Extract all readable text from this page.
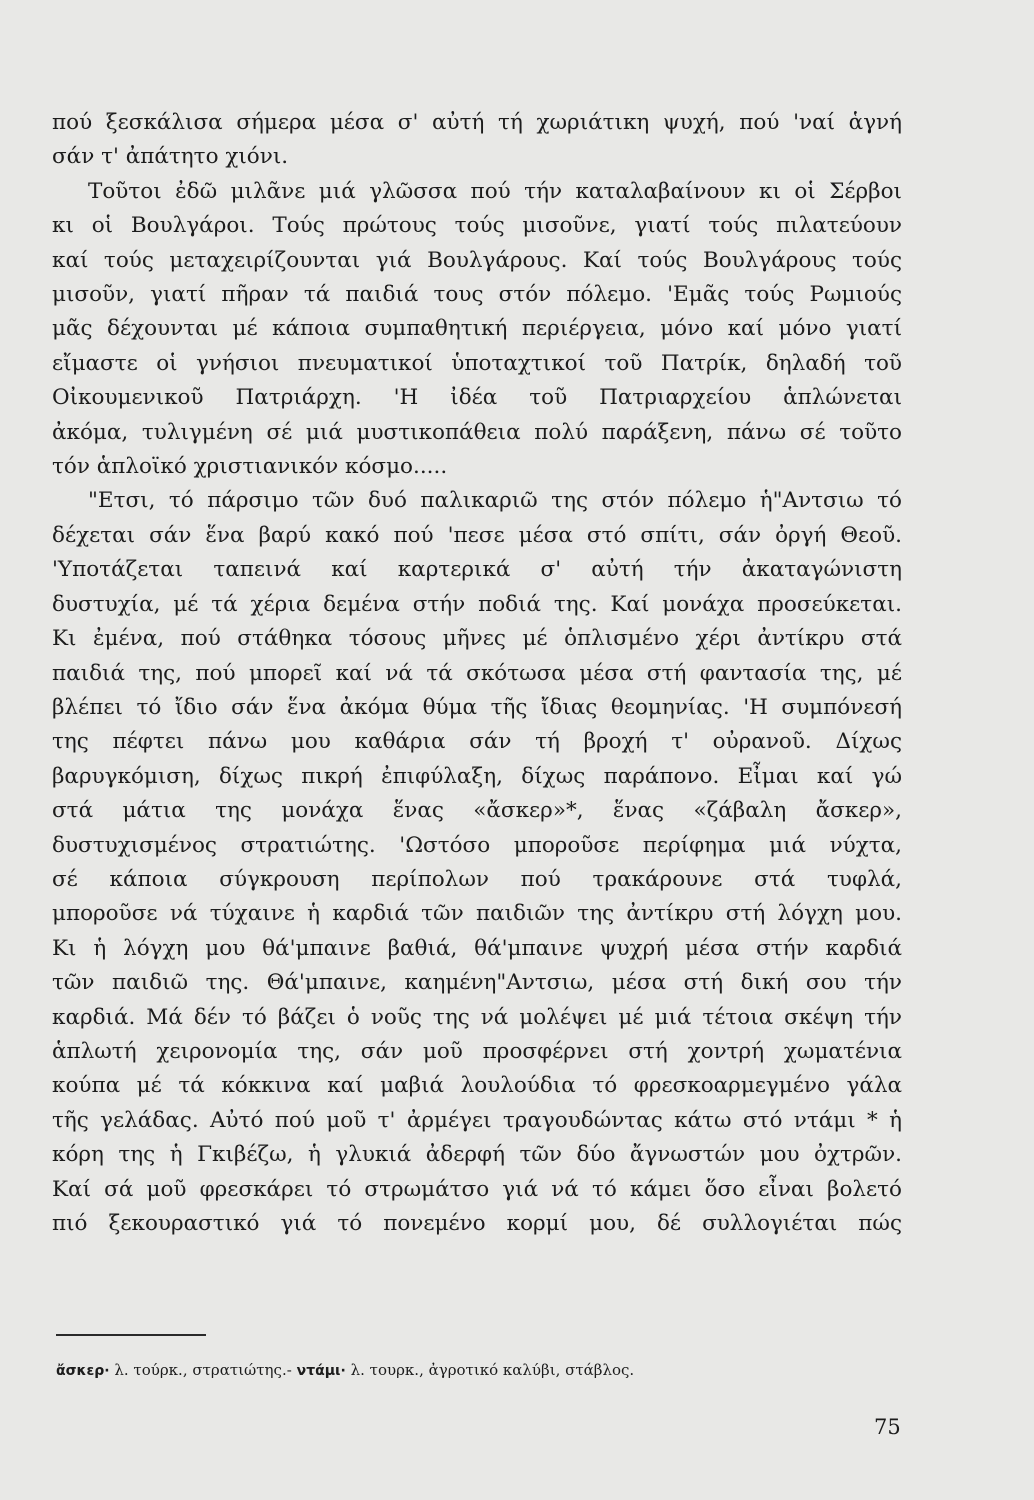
πού ξεσκάλισα σήμερα μέσα σ' αὐτή τή χωριάτικη ψυχή, πού 'ναί ἁγνή
σάν τ' ἀπάτητο χιόνι.
Τοῦτοι ἐδῶ μιλᾶνε μιά γλῶσσα πού τήν καταλαβαίνουν κι οἱ Σέρβοι
κι οἱ Βουλγάροι. Τούς πρώτους τούς μισοῦνε, γιατί τούς πιλατεύουν
καί τούς μεταχειρίζουνται γιά Βουλγάρους. Καί τούς Βουλγάρους τούς
μισοῦν, γιατί πῆραν τά παιδιά τους στόν πόλεμο. 'Εμᾶς τούς Ρωμιούς
μᾶς δέχουνται μέ κάποια συμπαθητική περιέργεια, μόνο καί μόνο γιατί
εἴμαστε οἱ γνήσιοι πνευματικοί ὑποταχτικοί τοῦ Πατρίκ, δηλαδή τοῦ
Οἰκουμενικοῦ Πατριάρχη. 'Η ἰδέα τοῦ Πατριαρχείου ἁπλώνεται
ἀκόμα, τυλιγμένη σέ μιά μυστικοπάθεια πολύ παράξενη, πάνω σέ τοῦτο
τόν ἁπλοϊκό χριστιανικόν κόσμο.....
"Ετσι, τό πάρσιμο τῶν δυό παλικαριῶ της στόν πόλεμο ἡ"Αντσιω τό
δέχεται σάν ἕνα βαρύ κακό πού 'πεσε μέσα στό σπίτι, σάν ὀργή Θεοῦ.
'Υποτάζεται ταπεινά καί καρτερικά σ' αὐτή τήν ἀκαταγώνιστη
δυστυχία, μέ τά χέρια δεμένα στήν ποδιά της. Καί μονάχα προσεύκεται.
Κι ἐμένα, πού στάθηκα τόσους μῆνες μέ ὁπλισμένο χέρι ἀντίκρυ στά
παιδιά της, πού μπορεῖ καί νά τά σκότωσα μέσα στή φαντασία της, μέ
βλέπει τό ἴδιο σάν ἕνα ἀκόμα θύμα τῆς ἴδιας θεομηνίας. 'Η συμπόνεσή
της πέφτει πάνω μου καθάρια σάν τή βροχή τ' οὐρανοῦ. Δίχως
βαρυγκόμιση, δίχως πικρή ἐπιφύλαξη, δίχως παράπονο. Εἶμαι καί γώ
στά μάτια της μονάχα ἕνας «ἄσκερ»*, ἕνας «ζάβαλη ἄσκερ»,
δυστυχισμένος στρατιώτης. 'Ωστόσο μποροῦσε περίφημα μιά νύχτα,
σέ κάποια σύγκρουση περίπολων πού τρακάρουνε στά τυφλά,
μποροῦσε νά τύχαινε ἡ καρδιά τῶν παιδιῶν της ἀντίκρυ στή λόγχη μου.
Κι ἡ λόγχη μου θά'μπαινε βαθιά, θά'μπαινε ψυχρή μέσα στήν καρδιά
τῶν παιδιῶ της. Θά'μπαινε, καημένη"Αντσιω, μέσα στή δική σου τήν
καρδιά. Μά δέν τό βάζει ὁ νοῦς της νά μολέψει μέ μιά τέτοια σκέψη τήν
ἁπλωτή χειρονομία της, σάν μοῦ προσφέρνει στή χοντρή χωματένια
κούπα μέ τά κόκκινα καί μαβιά λουλούδια τό φρεσκοαρμεγμένο γάλα
τῆς γελάδας. Αὐτό πού μοῦ τ' ἀρμέγει τραγουδώντας κάτω στό ντάμι * ἡ
κόρη της ἡ Γκιβέζω, ἡ γλυκιά ἀδερφή τῶν δύο ἄγνωστών μου ὀχτρῶν.
Καί σά μοῦ φρεσκάρει τό στρωμάτσο γιά νά τό κάμει ὅσο εἶναι βολετό
πιό ξεκουραστικό γιά τό πονεμένο κορμί μου, δέ συλλογιέται πώς
ἄσκερ· λ. τούρκ., στρατιώτης.- ντάμι· λ. τουρκ., ἀγροτικό καλύβι, στάβλος.
75
